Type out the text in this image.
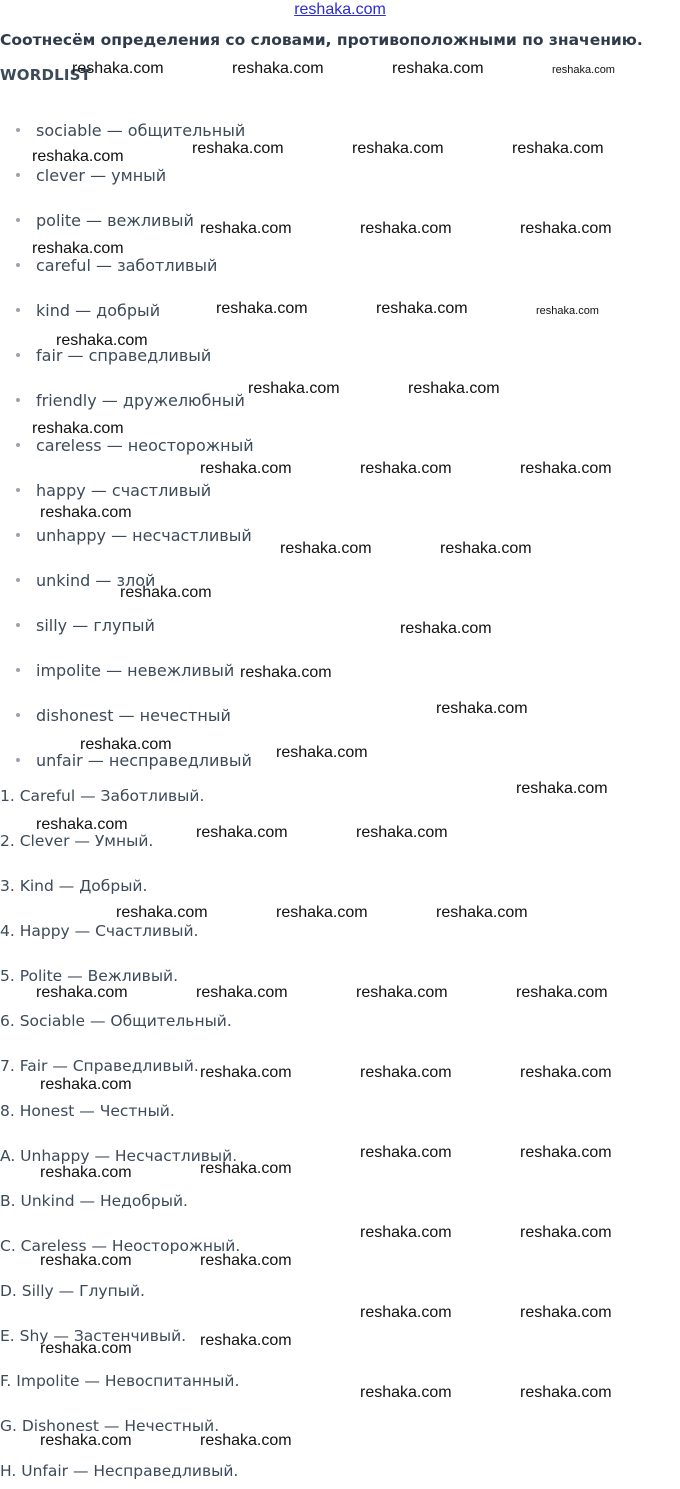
reshaka.com
Соотнесём определения со словами, противоположными по значению.
WORDLIST
sociable — общительный
clever — умный
polite — вежливый
careful — заботливый
kind — добрый
fair — справедливый
friendly — дружелюбный
careless — неосторожный
happy — счастливый
unhappy — несчастливый
unkind — злой
silly — глупый
impolite — невежливый
dishonest — нечестный
unfair — несправедливый
1. Careful — Заботливый.
2. Clever — Умный.
3. Kind — Добрый.
4. Happy — Счастливый.
5. Polite — Вежливый.
6. Sociable — Общительный.
7. Fair — Справедливый.
8. Honest — Честный.
A. Unhappy — Несчастливый.
B. Unkind — Недобрый.
C. Careless — Неосторожный.
D. Silly — Глупый.
E. Shy — Застенчивый.
F. Impolite — Невоспитанный.
G. Dishonest — Нечестный.
H. Unfair — Несправедливый.
reshaka.com	reshaka.com	reshaka.com	reshaka.com
reshaka.com	reshaka.com	reshaka.com	reshaka.com
reshaka.com	reshaka.com	reshaka.com
reshaka.com
reshaka.com	reshaka.com	reshaka.com
reshaka.com
reshaka.com	reshaka.com
reshaka.com
reshaka.com	reshaka.com	reshaka.com
reshaka.com
reshaka.com	reshaka.com
reshaka.com
reshaka.com
reshaka.com
reshaka.com
reshaka.com	reshaka.com
reshaka.com
reshaka.com	reshaka.com	reshaka.com
reshaka.com	reshaka.com	reshaka.com
reshaka.com	reshaka.com	reshaka.com	reshaka.com
reshaka.com	reshaka.com	reshaka.com
reshaka.com
reshaka.com	reshaka.com
reshaka.com
reshaka.com
reshaka.com	reshaka.com
reshaka.com	reshaka.com
reshaka.com	reshaka.com
reshaka.com
reshaka.com
reshaka.com	reshaka.com
reshaka.com	reshaka.com
